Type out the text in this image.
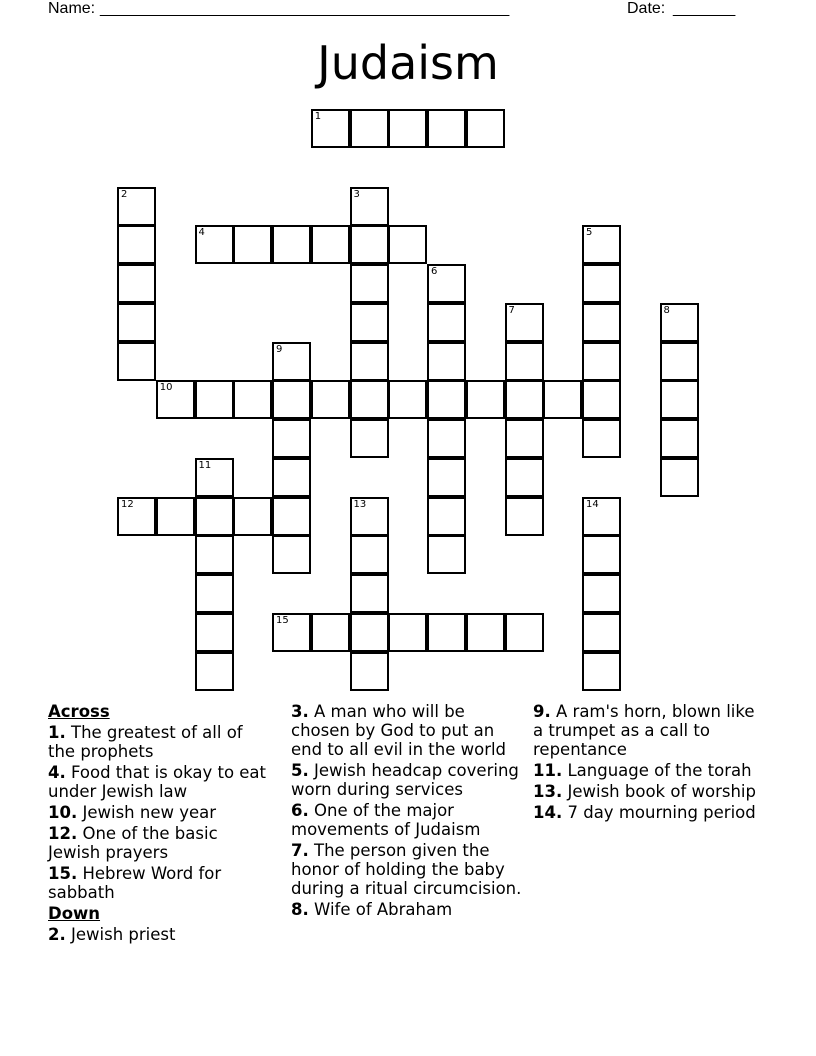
Name: ______________________________________________	Date: _______
Judaism
1
2	3
4	5
6
7	8
9
10
11
12	13	14
15
Across
1. The greatest of all of the prophets
4. Food that is okay to eat under Jewish law
10. Jewish new year
12. One of the basic Jewish prayers
15. Hebrew Word for sabbath
Down
2. Jewish priest
3. A man who will be chosen by God to put an end to all evil in the world
5. Jewish headcap covering worn during services
6. One of the major movements of Judaism
7. The person given the honor of holding the baby during a ritual circumcision.
8. Wife of Abraham
9. A ram's horn, blown like a trumpet as a call to repentance
11. Language of the torah
13. Jewish book of worship
14. 7 day mourning period
